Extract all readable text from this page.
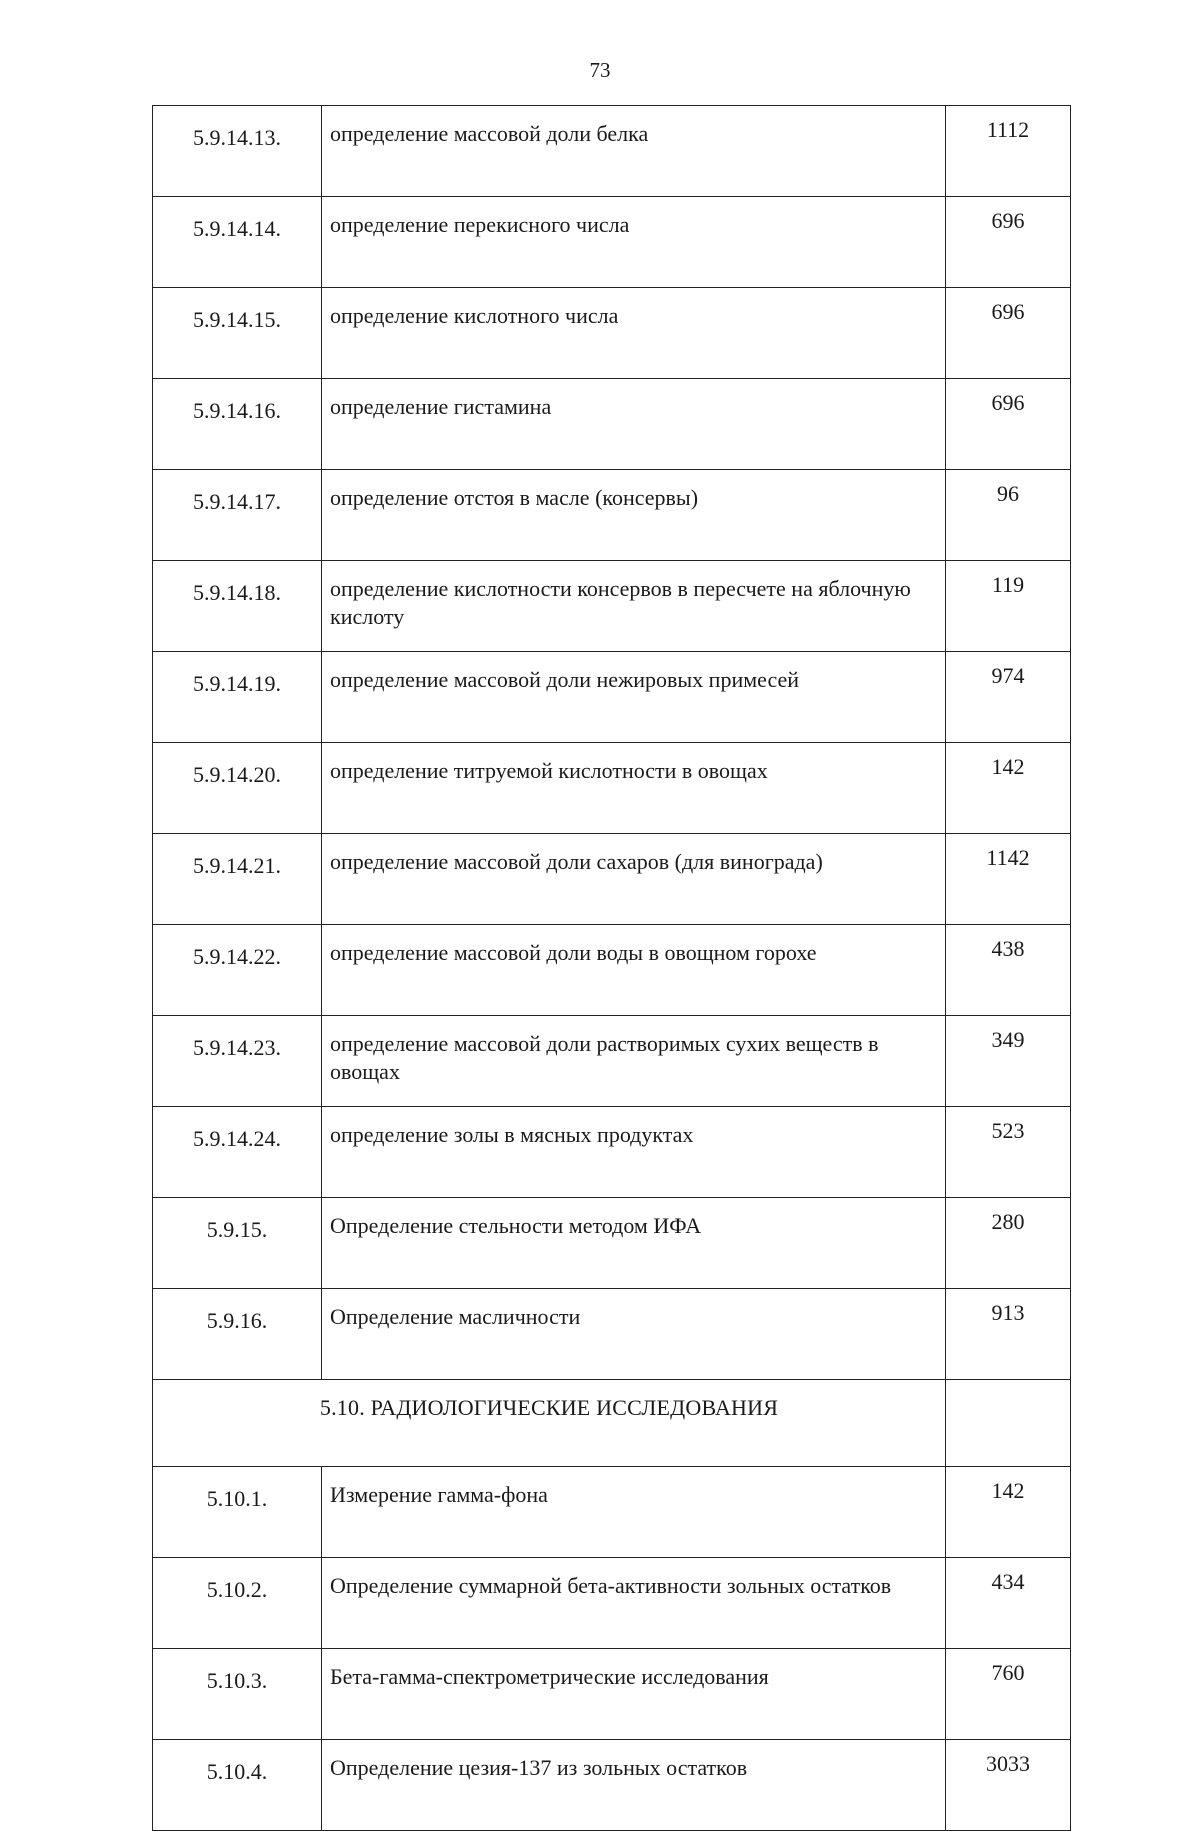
73
5.9.14.13.	определение массовой доли белка	1112
5.9.14.14.	определение перекисного числа	696
5.9.14.15.	определение кислотного числа	696
5.9.14.16.	определение гистамина	696
5.9.14.17.	определение отстоя в масле (консервы)	96
5.9.14.18.	определение кислотности консервов в пересчете на яблочную кислоту	119
5.9.14.19.	определение массовой доли нежировых примесей	974
5.9.14.20.	определение титруемой кислотности в овощах	142
5.9.14.21.	определение массовой доли сахаров (для винограда)	1142
5.9.14.22.	определение массовой доли воды в овощном горохе	438
5.9.14.23.	определение массовой доли растворимых сухих веществ в овощах	349
5.9.14.24.	определение золы в мясных продуктах	523
5.9.15.	Определение стельности методом ИФА	280
5.9.16.	Определение масличности	913
5.10. РАДИОЛОГИЧЕСКИЕ ИССЛЕДОВАНИЯ		
5.10.1.	Измерение гамма-фона	142
5.10.2.	Определение суммарной бета-активности зольных остатков	434
5.10.3.	Бета-гамма-спектрометрические исследования	760
5.10.4.	Определение цезия-137 из зольных остатков	3033
